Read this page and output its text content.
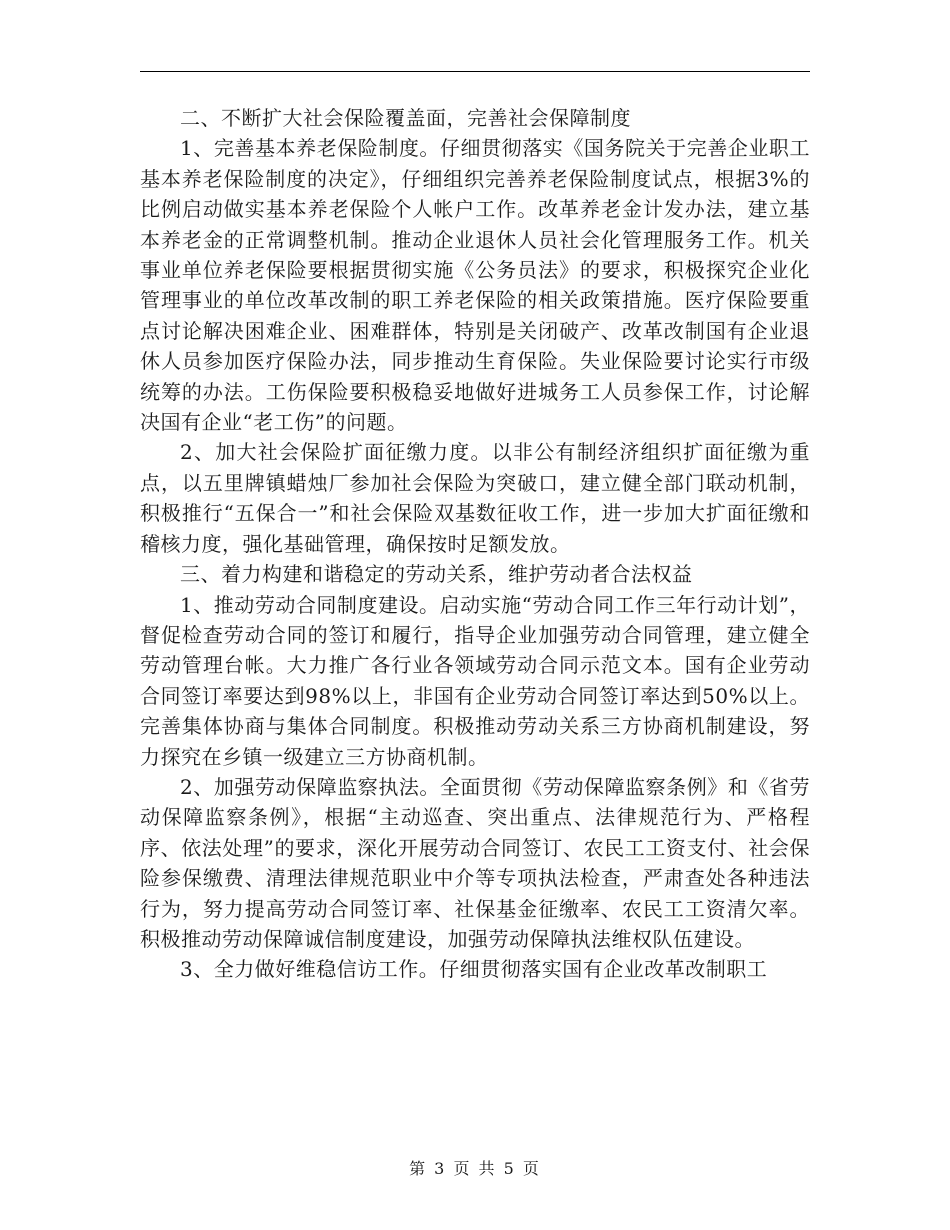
二、不断扩大社会保险覆盖面，完善社会保障制度

1、完善基本养老保险制度。仔细贯彻落实《国务院关于完善企业职工基本养老保险制度的决定》，仔细组织完善养老保险制度试点，根据3%的比例启动做实基本养老保险个人帐户工作。改革养老金计发办法，建立基本养老金的正常调整机制。推动企业退休人员社会化管理服务工作。机关事业单位养老保险要根据贯彻实施《公务员法》的要求，积极探究企业化管理事业的单位改革改制的职工养老保险的相关政策措施。医疗保险要重点讨论解决困难企业、困难群体，特别是关闭破产、改革改制国有企业退休人员参加医疗保险办法，同步推动生育保险。失业保险要讨论实行市级统筹的办法。工伤保险要积极稳妥地做好进城务工人员参保工作，讨论解决国有企业“老工伤”的问题。

2、加大社会保险扩面征缴力度。以非公有制经济组织扩面征缴为重点，以五里牌镇蜡烛厂参加社会保险为突破口，建立健全部门联动机制，积极推行“五保合一”和社会保险双基数征收工作，进一步加大扩面征缴和稽核力度，强化基础管理，确保按时足额发放。

三、着力构建和谐稳定的劳动关系，维护劳动者合法权益

1、推动劳动合同制度建设。启动实施“劳动合同工作三年行动计划”，督促检查劳动合同的签订和履行，指导企业加强劳动合同管理，建立健全劳动管理台帐。大力推广各行业各领域劳动合同示范文本。国有企业劳动合同签订率要达到98%以上，非国有企业劳动合同签订率达到50%以上。完善集体协商与集体合同制度。积极推动劳动关系三方协商机制建设，努力探究在乡镇一级建立三方协商机制。

2、加强劳动保障监察执法。全面贯彻《劳动保障监察条例》和《省劳动保障监察条例》，根据“主动巡查、突出重点、法律规范行为、严格程序、依法处理”的要求，深化开展劳动合同签订、农民工工资支付、社会保险参保缴费、清理法律规范职业中介等专项执法检查，严肃查处各种违法行为，努力提高劳动合同签订率、社保基金征缴率、农民工工资清欠率。积极推动劳动保障诚信制度建设，加强劳动保障执法维权队伍建设。

3、全力做好维稳信访工作。仔细贯彻落实国有企业改革改制职工

第 3 页 共 5 页
